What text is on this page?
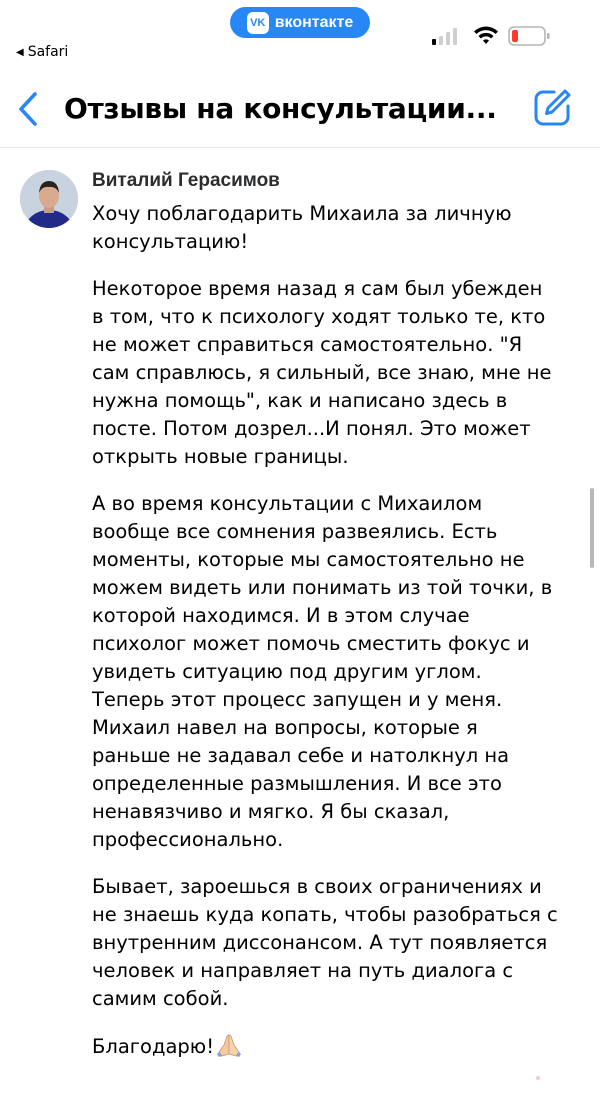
◀ Safari
VK вконтакте
Отзывы на консультации...
Виталий Герасимов

Хочу поблагодарить Михаила за личную
консультацию!

Некоторое время назад я сам был убежден
в том, что к психологу ходят только те, кто
не может справиться самостоятельно. "Я
сам справлюсь, я сильный, все знаю, мне не
нужна помощь", как и написано здесь в
посте. Потом дозрел...И понял. Это может
открыть новые границы.

А во время консультации с Михаилом
вообще все сомнения развеялись. Есть
моменты, которые мы самостоятельно не
можем видеть или понимать из той точки, в
которой находимся. И в этом случае
психолог может помочь сместить фокус и
увидеть ситуацию под другим углом.
Теперь этот процесс запущен и у меня.
Михаил навел на вопросы, которые я
раньше не задавал себе и натолкнул на
определенные размышления. И все это
ненавязчиво и мягко. Я бы сказал,
профессионально.

Бывает, зароешься в своих ограничениях и
не знаешь куда копать, чтобы разобраться с
внутренним диссонансом. А тут появляется
человек и направляет на путь диалога с
самим собой.

Благодарю!
